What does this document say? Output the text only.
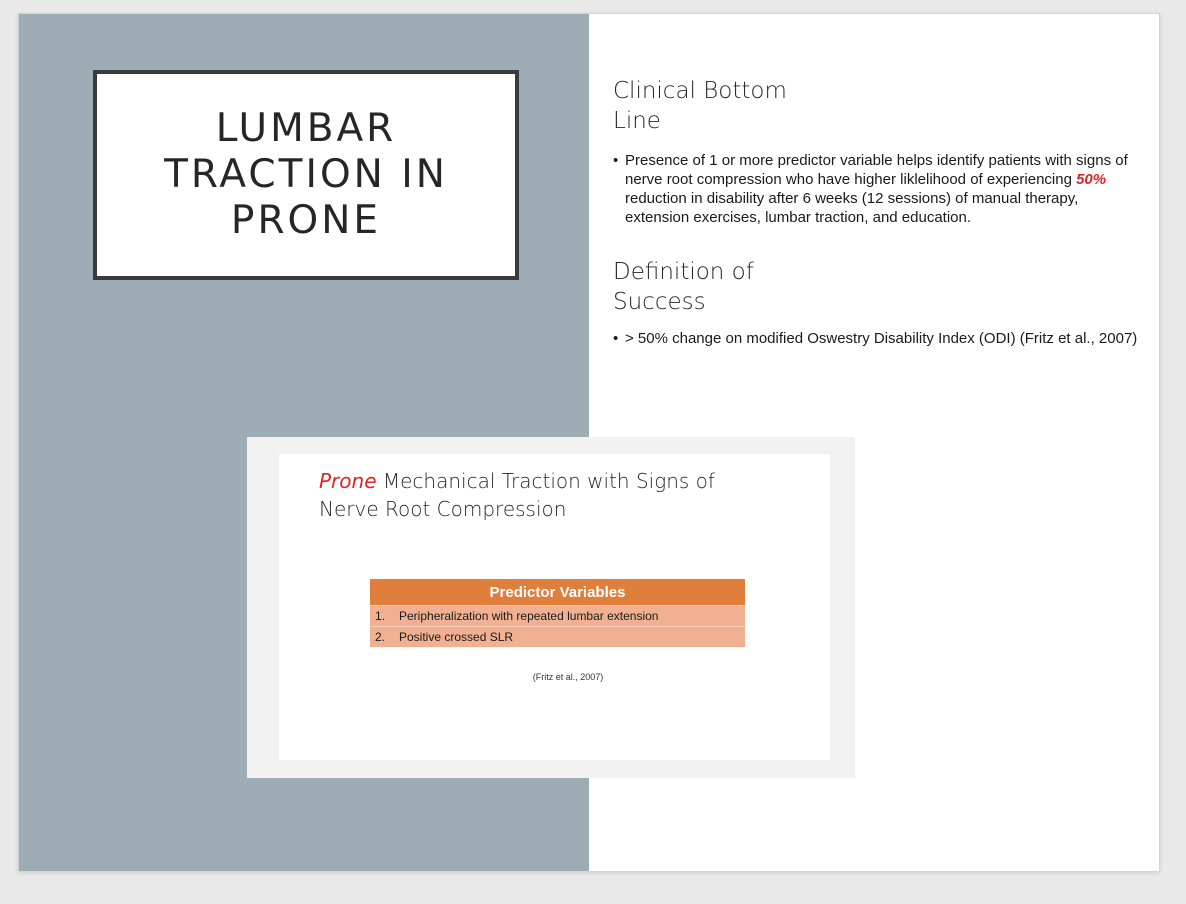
LUMBAR
TRACTION IN
PRONE
Clinical Bottom
Line
• Presence of 1 or more predictor variable helps identify patients with signs of nerve root compression who have higher liklelihood of experiencing 50% reduction in disability after 6 weeks (12 sessions) of manual therapy, extension exercises, lumbar traction, and education.
Definition of
Success
• > 50% change on modified Oswestry Disability Index (ODI) (Fritz et al., 2007)

Prone Mechanical Traction with Signs of Nerve Root Compression

Predictor Variables	
1.	Peripheralization with repeated lumbar extension
2.	Positive crossed SLR
(Fritz et al., 2007)
